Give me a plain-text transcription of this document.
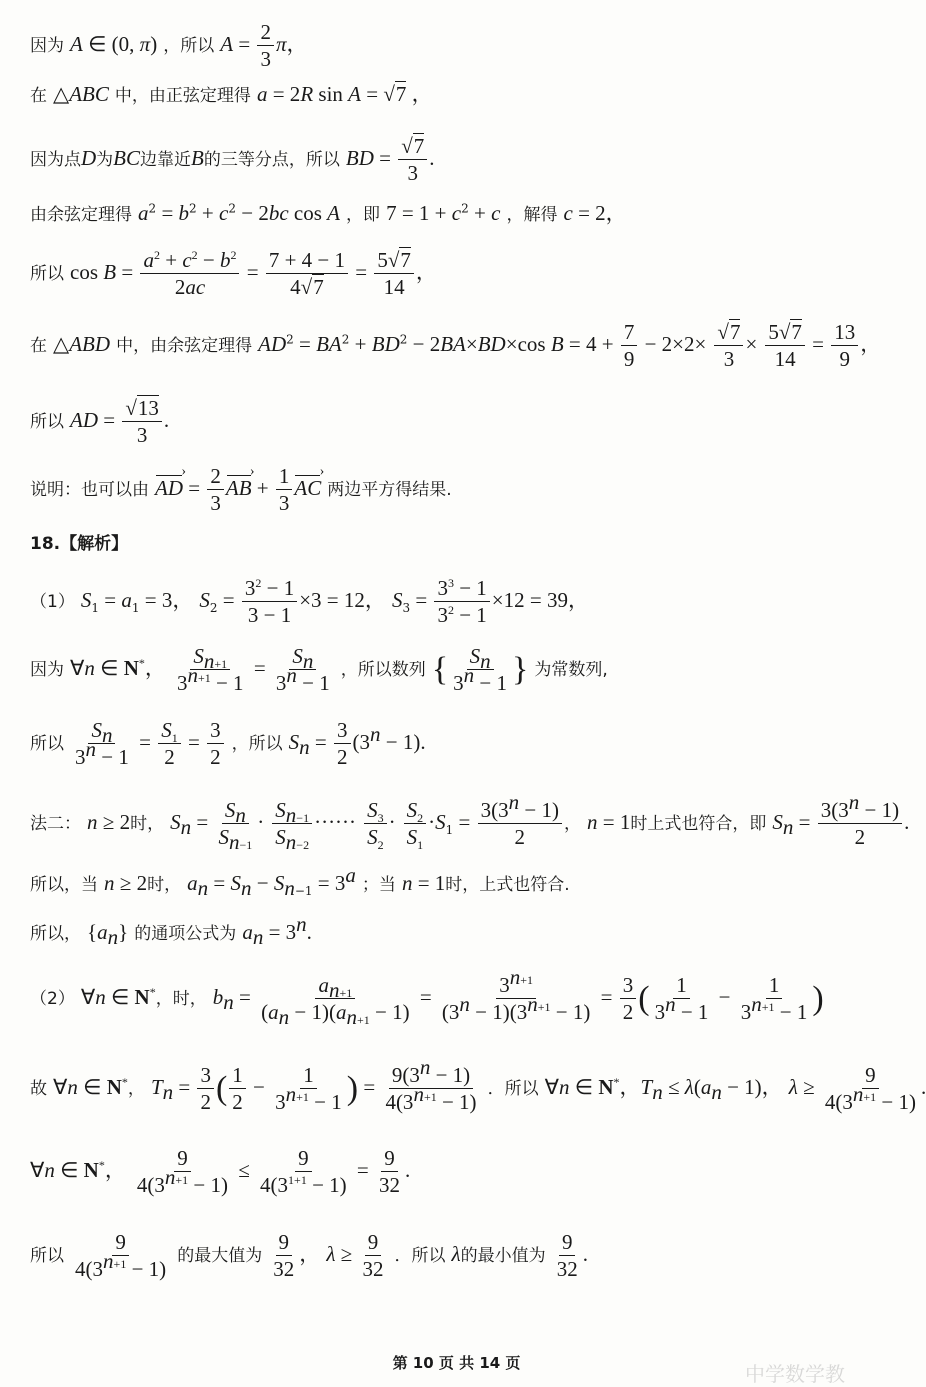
因为 A ∈ (0, π) ，所以 $A = \frac{2}{3}$ π，
在 △ABC 中，由正弦定理得 a = 2R sin A = √7 ，
因为点D为BC边靠近B的三等分点，所以 BD = $\frac{√7}{3}$ .
由余弦定理得 $a^2 = b^2 + c^2 - 2bc$ cos A ，即 $7 = 1 + c^2 + c$ ，解得 c = 2，
所以 $\cos B = \frac{a^2 + c^2 - b^2}{2ac} = \frac{7 + 4 - 1}{4√7} = \frac{5√7}{14}$ ，
在 △ABD 中，由余弦定理得 $AD^2 = BA^2 + BD^2 - 2BA\times BD\times\cos$ $B = 4 + \frac{7}{9} - 2\times 2\times \frac{√7}{3} \times \frac{5√7}{14} = \frac{13}{9}$ ，
所以 AD = $\frac{√13}{3}$ .
说明：也可以由 AD › = $\frac{2}{3}$ AB › + $\frac{1}{3}$ AC › 两边平方得结果.
18.【解析】
（1） $S_1 = a_1 = 3$， $S_2 = \frac{3^2 - 1}{3 - 1} \times 3 = 12$， $S_3 = \frac{3^3 - 1}{3^2 - 1} \times 12 = 39$，
因为 ∀n ∈ N*， $\frac{S_{n+1}}{3^{n+1} - 1} = \frac{S_n}{3^n - 1}$ ，所以数列 { $\frac{S_n}{3^n - 1}$ } 为常数列,
所以 $\frac{S_n}{3^n - 1} = \frac{S_1}{2} = \frac{3}{2}$ ，所以 $S_n = \frac{3}{2} (3^n - 1)$.
法二： n ≥ 2时， $S_n = \frac{S_n}{S_{n-1}} \cdot \frac{S_{n-1}}{S_{n-2}}$ ······ $\frac{S_3}{S_2} \cdot \frac{S_2}{S_1} \cdot S_1 = \frac{3(3^n - 1)}{2}$ ， n = 1时上式也符合，即 $S_n = \frac{3(3^n - 1)}{2}$ .
所以，当 n ≥ 2时， $a_n = S_n - S_{n-1} = 3^a$ ；当 n = 1时，上式也符合.
所以， $\{a_n\}$ 的通项公式为 $a_n = 3^n$.
（2） ∀n ∈ N*，时， $b_n = \frac{a_{n+1}}{(a_n - 1)(a_{n+1} - 1)} = \frac{3^{n+1}}{(3^n - 1)(3^{n+1} - 1)} = \frac{3}{2}$ ( $\frac{1}{3^n - 1} - \frac{1}{3^{n+1} - 1}$ )
故 ∀n ∈ N*， $T_n = \frac{3}{2}$ ( $\frac{1}{2} - \frac{1}{3^{n+1} - 1}$ ) = $\frac{9(3^n - 1)}{4(3^{n+1} - 1)}$ ．所以 ∀n ∈ N*，$T_n \le \lambda(a_n - 1)$， $\lambda \ge \frac{9}{4(3^{n+1} - 1)}$ .
∀n ∈ N*， $\frac{9}{4(3^{n+1} - 1)} \le \frac{9}{4(3^{1+1} - 1)} = \frac{9}{32}$ .
所以 $\frac{9}{4(3^{n+1} - 1)}$ 的最大值为 $\frac{9}{32}$ ， $\lambda \ge \frac{9}{32}$ ．所以 λ的最小值为 $\frac{9}{32}$ .
第 10 页 共 14 页	中学数学教
